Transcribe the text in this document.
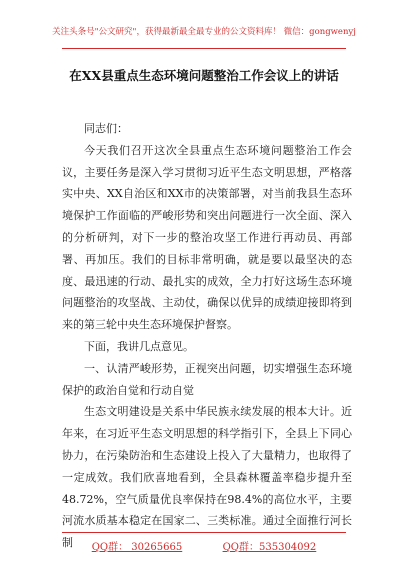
关注头条号"公文研究"，获得最新最全最专业的公文资料库！ 微信：gongwenyj
在XX县重点生态环境问题整治工作会议上的讲话

同志们：

今天我们召开这次全县重点生态环境问题整治工作会议，主要任务是深入学习贯彻习近平生态文明思想，严格落实中央、XX自治区和XX市的决策部署，对当前我县生态环境保护工作面临的严峻形势和突出问题进行一次全面、深入的分析研判，对下一步的整治攻坚工作进行再动员、再部署、再加压。我们的目标非常明确，就是要以最坚决的态度、最迅速的行动、最扎实的成效，全力打好这场生态环境问题整治的攻坚战、主动仗，确保以优异的成绩迎接即将到来的第三轮中央生态环境保护督察。

下面，我讲几点意见。

一、认清严峻形势，正视突出问题，切实增强生态环境保护的政治自觉和行动自觉

生态文明建设是关系中华民族永续发展的根本大计。近年来，在习近平生态文明思想的科学指引下，全县上下同心协力，在污染防治和生态建设上投入了大量精力，也取得了一定成效。我们欣喜地看到，全县森林覆盖率稳步提升至48.72%，空气质量优良率保持在98.4%的高位水平，主要河流水质基本稳定在国家二、三类标准。通过全面推行河长制	QQ群： 30265665	QQ群：535304092
